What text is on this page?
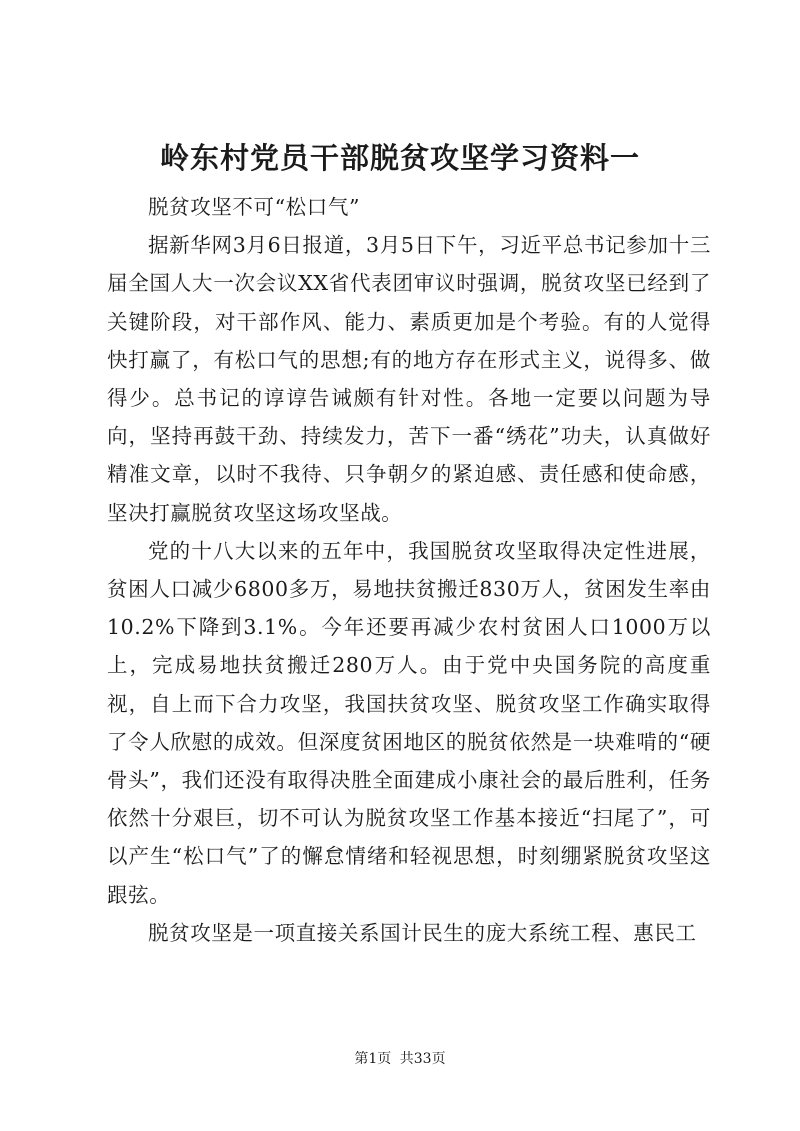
岭东村党员干部脱贫攻坚学习资料一

脱贫攻坚不可“松口气”

据新华网3月6日报道，3月5日下午，习近平总书记参加十三届全国人大一次会议XX省代表团审议时强调，脱贫攻坚已经到了关键阶段，对干部作风、能力、素质更加是个考验。有的人觉得快打赢了，有松口气的思想;有的地方存在形式主义，说得多、做得少。总书记的谆谆告诫颇有针对性。各地一定要以问题为导向，坚持再鼓干劲、持续发力，苦下一番“绣花”功夫，认真做好精准文章，以时不我待、只争朝夕的紧迫感、责任感和使命感，坚决打赢脱贫攻坚这场攻坚战。

党的十八大以来的五年中，我国脱贫攻坚取得决定性进展，贫困人口减少6800多万，易地扶贫搬迁830万人，贫困发生率由10.2%下降到3.1%。今年还要再减少农村贫困人口1000万以上，完成易地扶贫搬迁280万人。由于党中央国务院的高度重视，自上而下合力攻坚，我国扶贫攻坚、脱贫攻坚工作确实取得了令人欣慰的成效。但深度贫困地区的脱贫依然是一块难啃的“硬骨头”，我们还没有取得决胜全面建成小康社会的最后胜利，任务依然十分艰巨，切不可认为脱贫攻坚工作基本接近“扫尾了”，可以产生“松口气”了的懈怠情绪和轻视思想，时刻绷紧脱贫攻坚这跟弦。

脱贫攻坚是一项直接关系国计民生的庞大系统工程、惠民工

第1页 共33页
